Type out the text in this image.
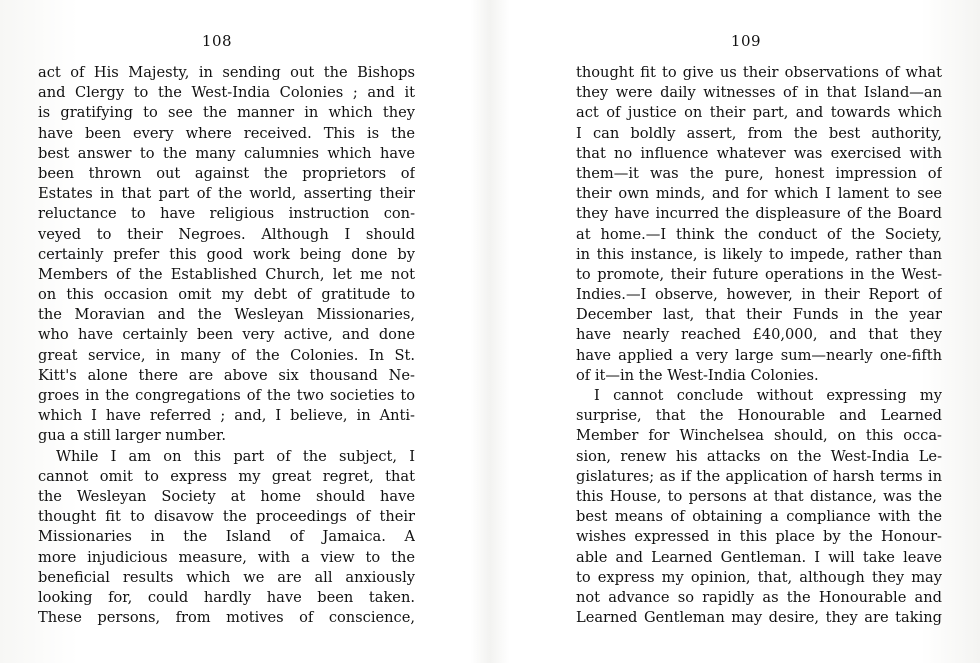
108
act of His Majesty, in sending out the Bishops
and Clergy to the West-India Colonies ; and it
is gratifying to see the manner in which they
have been every where received. This is the
best answer to the many calumnies which have
been thrown out against the proprietors of
Estates in that part of the world, asserting their
reluctance to have religious instruction con-
veyed to their Negroes. Although I should
certainly prefer this good work being done by
Members of the Established Church, let me not
on this occasion omit my debt of gratitude to
the Moravian and the Wesleyan Missionaries,
who have certainly been very active, and done
great service, in many of the Colonies. In St.
Kitt's alone there are above six thousand Ne-
groes in the congregations of the two societies to
which I have referred ; and, I believe, in Anti-
gua a still larger number.
While I am on this part of the subject, I
cannot omit to express my great regret, that
the Wesleyan Society at home should have
thought fit to disavow the proceedings of their
Missionaries in the Island of Jamaica. A
more injudicious measure, with a view to the
beneficial results which we are all anxiously
looking for, could hardly have been taken.
These persons, from motives of conscience,
109
thought fit to give us their observations of what
they were daily witnesses of in that Island—an
act of justice on their part, and towards which
I can boldly assert, from the best authority,
that no influence whatever was exercised with
them—it was the pure, honest impression of
their own minds, and for which I lament to see
they have incurred the displeasure of the Board
at home.—I think the conduct of the Society,
in this instance, is likely to impede, rather than
to promote, their future operations in the West-
Indies.—I observe, however, in their Report of
December last, that their Funds in the year
have nearly reached £40,000, and that they
have applied a very large sum—nearly one-fifth
of it—in the West-India Colonies.
I cannot conclude without expressing my
surprise, that the Honourable and Learned
Member for Winchelsea should, on this occa-
sion, renew his attacks on the West-India Le-
gislatures; as if the application of harsh terms in
this House, to persons at that distance, was the
best means of obtaining a compliance with the
wishes expressed in this place by the Honour-
able and Learned Gentleman. I will take leave
to express my opinion, that, although they may
not advance so rapidly as the Honourable and
Learned Gentleman may desire, they are taking
